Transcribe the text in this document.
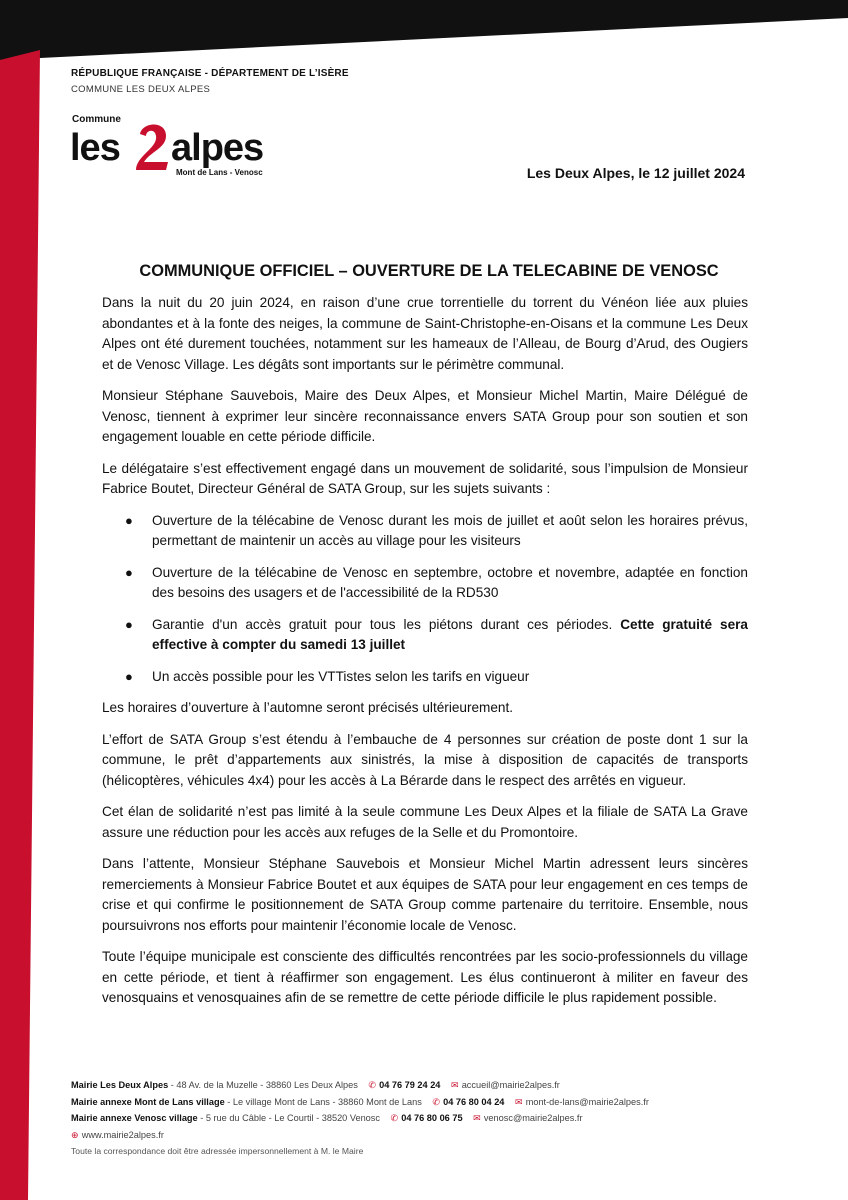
RÉPUBLIQUE FRANÇAISE - DÉPARTEMENT DE L’ISÈRE

COMMUNE LES DEUX ALPES

Commune
les alpes
Mont de Lans - Venosc	Les Deux Alpes, le 12 juillet 2024
COMMUNIQUE OFFICIEL – OUVERTURE DE LA TELECABINE DE VENOSC

Dans la nuit du 20 juin 2024, en raison d’une crue torrentielle du torrent du Vénéon liée aux pluies abondantes et à la fonte des neiges, la commune de Saint-Christophe-en-Oisans et la commune Les Deux Alpes ont été durement touchées, notamment sur les hameaux de l’Alleau, de Bourg d’Arud, des Ougiers et de Venosc Village. Les dégâts sont importants sur le périmètre communal.

Monsieur Stéphane Sauvebois, Maire des Deux Alpes, et Monsieur Michel Martin, Maire Délégué de Venosc, tiennent à exprimer leur sincère reconnaissance envers SATA Group pour son soutien et son engagement louable en cette période difficile.

Le délégataire s’est effectivement engagé dans un mouvement de solidarité, sous l’impulsion de Monsieur Fabrice Boutet, Directeur Général de SATA Group, sur les sujets suivants :

● Ouverture de la télécabine de Venosc durant les mois de juillet et août selon les horaires prévus, permettant de maintenir un accès au village pour les visiteurs
● Ouverture de la télécabine de Venosc en septembre, octobre et novembre, adaptée en fonction des besoins des usagers et de l'accessibilité de la RD530
● Garantie d'un accès gratuit pour tous les piétons durant ces périodes. Cette gratuité sera effective à compter du samedi 13 juillet
● Un accès possible pour les VTTistes selon les tarifs en vigueur

Les horaires d’ouverture à l’automne seront précisés ultérieurement.

L’effort de SATA Group s’est étendu à l’embauche de 4 personnes sur création de poste dont 1 sur la commune, le prêt d’appartements aux sinistrés, la mise à disposition de capacités de transports (hélicoptères, véhicules 4x4) pour les accès à La Bérarde dans le respect des arrêtés en vigueur.

Cet élan de solidarité n’est pas limité à la seule commune Les Deux Alpes et la filiale de SATA La Grave assure une réduction pour les accès aux refuges de la Selle et du Promontoire.

Dans l’attente, Monsieur Stéphane Sauvebois et Monsieur Michel Martin adressent leurs sincères remerciements à Monsieur Fabrice Boutet et aux équipes de SATA pour leur engagement en ces temps de crise et qui confirme le positionnement de SATA Group comme partenaire du territoire. Ensemble, nous poursuivrons nos efforts pour maintenir l’économie locale de Venosc.

Toute l’équipe municipale est consciente des difficultés rencontrées par les socio-professionnels du village en cette période, et tient à réaffirmer son engagement. Les élus continueront à militer en faveur des venosquains et venosquaines afin de se remettre de cette période difficile le plus rapidement possible.

Mairie Les Deux Alpes - 48 Av. de la Muzelle - 38860 Les Deux Alpes ✆ 04 76 79 24 24 ✉ accueil@mairie2alpes.fr
Mairie annexe Mont de Lans village - Le village Mont de Lans - 38860 Mont de Lans ✆ 04 76 80 04 24 ✉ mont-de-lans@mairie2alpes.fr
Mairie annexe Venosc village - 5 rue du Câble - Le Courtil - 38520 Venosc ✆ 04 76 80 06 75 ✉ venosc@mairie2alpes.fr
⊕ www.mairie2alpes.fr
Toute la correspondance doit être adressée impersonnellement à M. le Maire
